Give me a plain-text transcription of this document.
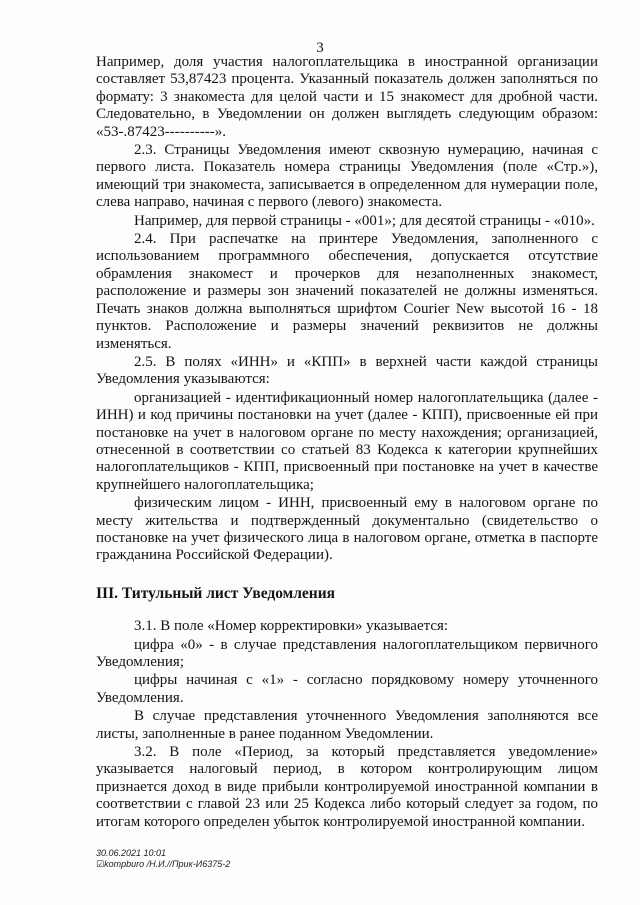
3

Например, доля участия налогоплательщика в иностранной организации составляет 53,87423 процента. Указанный показатель должен заполняться по формату: 3 знакоместа для целой части и 15 знакомест для дробной части. Следовательно, в Уведомлении он должен выглядеть следующим образом: «53-.87423----------».

2.3. Страницы Уведомления имеют сквозную нумерацию, начиная с первого листа. Показатель номера страницы Уведомления (поле «Стр.»), имеющий три знакоместа, записывается в определенном для нумерации поле, слева направо, начиная с первого (левого) знакоместа.

Например, для первой страницы - «001»; для десятой страницы - «010».

2.4. При распечатке на принтере Уведомления, заполненного с использованием программного обеспечения, допускается отсутствие обрамления знакомест и прочерков для незаполненных знакомест, расположение и размеры зон значений показателей не должны изменяться. Печать знаков должна выполняться шрифтом Courier New высотой 16 - 18 пунктов. Расположение и размеры значений реквизитов не должны изменяться.

2.5. В полях «ИНН» и «КПП» в верхней части каждой страницы Уведомления указываются:

организацией - идентификационный номер налогоплательщика (далее - ИНН) и код причины постановки на учет (далее - КПП), присвоенные ей при постановке на учет в налоговом органе по месту нахождения; организацией, отнесенной в соответствии со статьей 83 Кодекса к категории крупнейших налогоплательщиков - КПП, присвоенный при постановке на учет в качестве крупнейшего налогоплательщика;

физическим лицом - ИНН, присвоенный ему в налоговом органе по месту жительства и подтвержденный документально (свидетельство о постановке на учет физического лица в налоговом органе, отметка в паспорте гражданина Российской Федерации).

III. Титульный лист Уведомления

3.1. В поле «Номер корректировки» указывается:

цифра «0» - в случае представления налогоплательщиком первичного Уведомления;

цифры начиная с «1» - согласно порядковому номеру уточненного Уведомления.

В случае представления уточненного Уведомления заполняются все листы, заполненные в ранее поданном Уведомлении.

3.2. В поле «Период, за который представляется уведомление» указывается налоговый период, в котором контролирующим лицом признается доход в виде прибыли контролируемой иностранной компании в соответствии с главой 23 или 25 Кодекса либо который следует за годом, по итогам которого определен убыток контролируемой иностранной компании.

30.06.2021 10:01
☑kompburo /Н.И.//Прик-И6375-2
